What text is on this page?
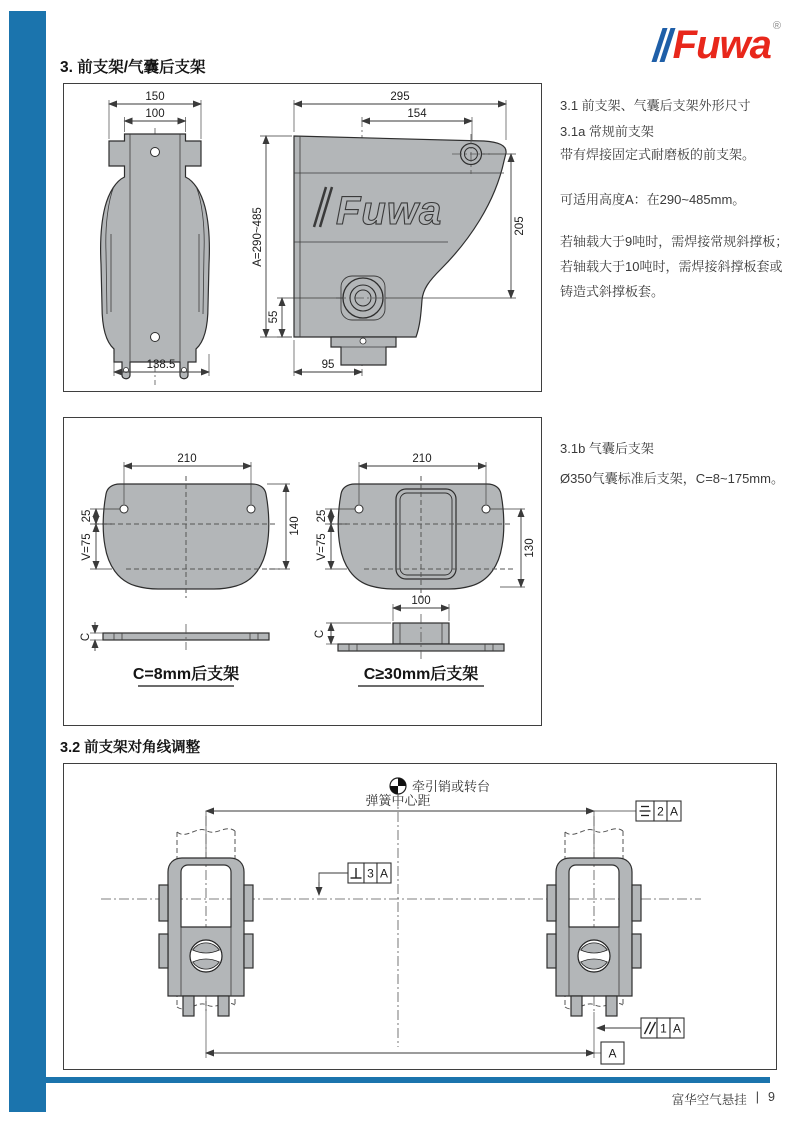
Fuwa ®
3. 前支架/气囊后支架
150
100
138.5
Fuwa
295
154
A=290~485	205
55
95
3.1 前支架、气囊后支架外形尺寸
3.1a 常规前支架
带有焊接固定式耐磨板的前支架。
可适用高度A：在290~485mm。
若轴载大于9吨时，需焊接常规斜撑板；
若轴载大于10吨时，需焊接斜撑板套或
铸造式斜撑板套。
210
140
25
V=75
C
C=8mm后支架
210
130
25
V=75
100
C
C≥30mm后支架
3.1b 气囊后支架
Ø350气囊标准后支架，C=8~175mm。
3.2 前支架对角线调整
牵引销或转台
弹簧中心距
2 A
3 A
1 A
A
富华空气悬挂 | 9
